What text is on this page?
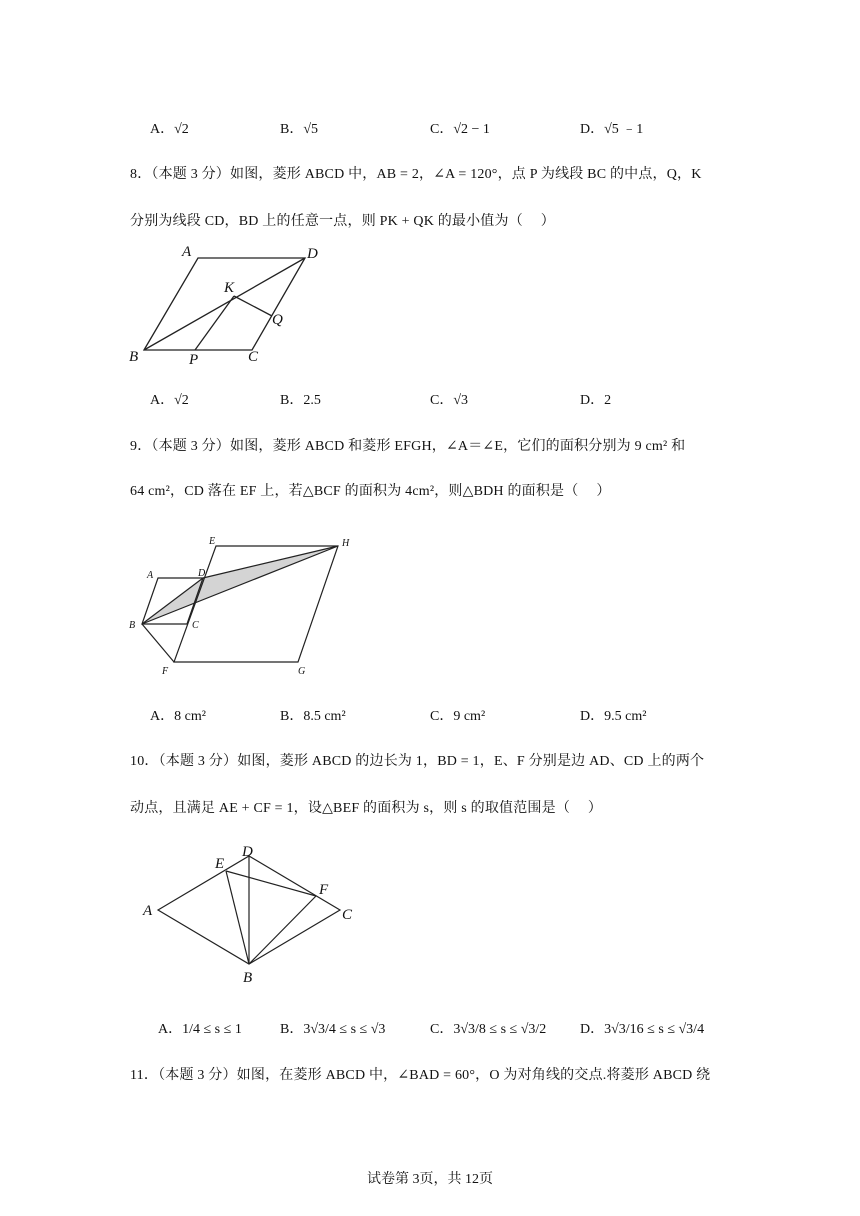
A．√2	B．√5	C．√2 − 1	D．√5 ﹣1
8．（本题 3 分）如图，菱形 ABCD 中，AB = 2，∠A = 120°，点 P 为线段 BC 的中点，Q，K
分别为线段 CD，BD 上的任意一点，则 PK + QK 的最小值为（　 ）
A	D
K
Q
B	P	C
A．√2	B．2.5	C．√3	D．2
9．（本题 3 分）如图，菱形 ABCD 和菱形 EFGH，∠A＝∠E，它们的面积分别为 9 cm² 和
64 cm²，CD 落在 EF 上，若△BCF 的面积为 4cm²，则△BDH 的面积是（　 ）
E	H
A	D
B	C
F	G
A．8 cm²	B．8.5 cm²	C．9 cm²	D．9.5 cm²
10．（本题 3 分）如图，菱形 ABCD 的边长为 1，BD = 1，E、F 分别是边 AD、CD 上的两个
动点，且满足 AE + CF = 1，设△BEF 的面积为 s，则 s 的取值范围是（　 ）
D
E
F
A	C
B
A．1/4 ≤ s ≤ 1	B．3√3/4 ≤ s ≤ √3	C．3√3/8 ≤ s ≤ √3/2 D．3√3/16 ≤ s ≤ √3/4
11．（本题 3 分）如图，在菱形 ABCD 中，∠BAD = 60°，O 为对角线的交点.将菱形 ABCD 绕
试卷第 3页，共 12页
